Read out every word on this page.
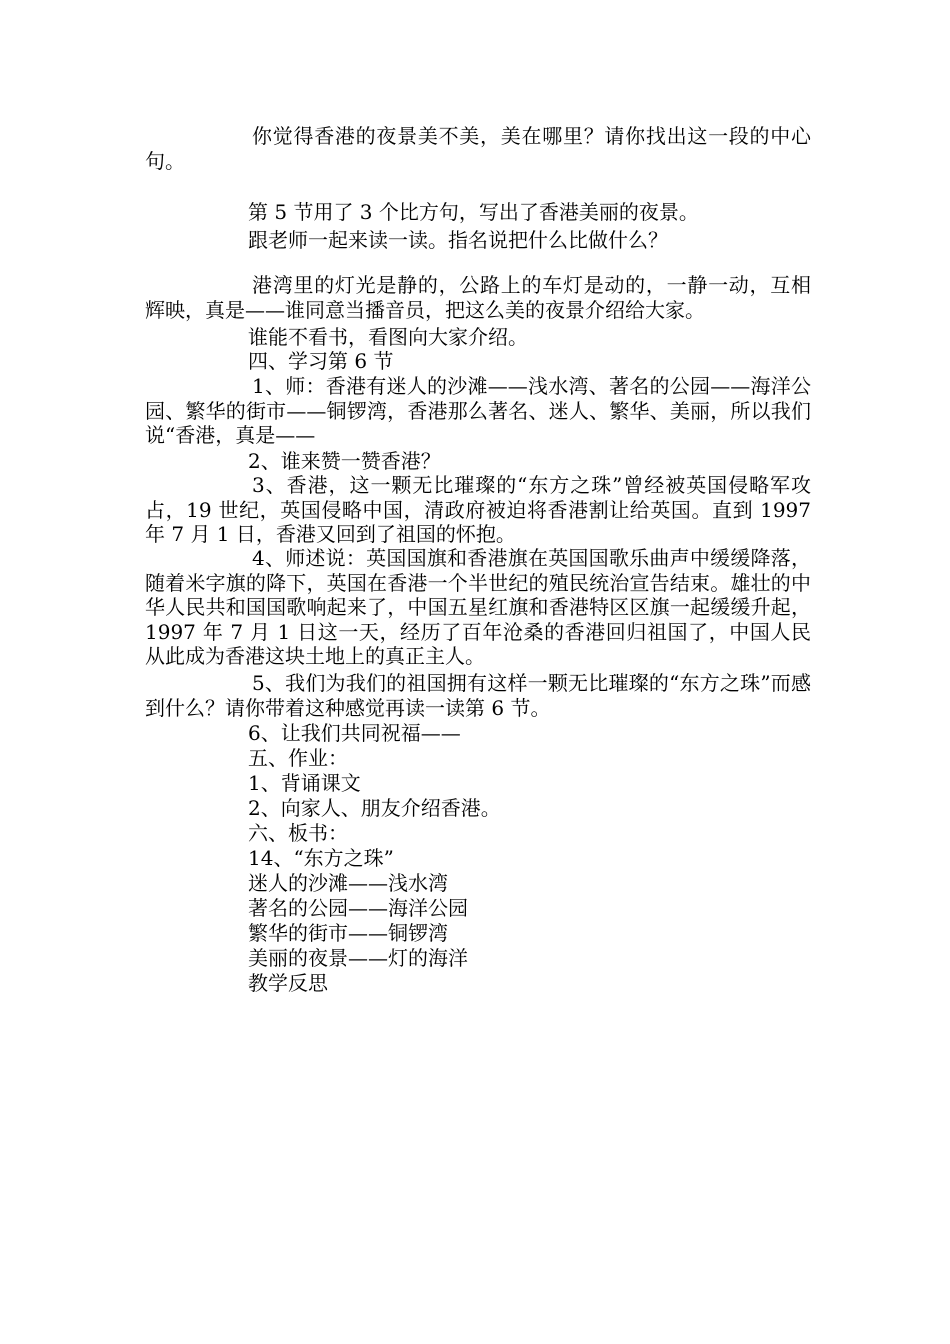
你觉得香港的夜景美不美，美在哪里？请你找出这一段的中心句。

第 5 节用了 3 个比方句，写出了香港美丽的夜景。
跟老师一起来读一读。指名说把什么比做什么？

港湾里的灯光是静的，公路上的车灯是动的，一静一动，互相辉映，真是——谁同意当播音员，把这么美的夜景介绍给大家。

谁能不看书，看图向大家介绍。
四、学习第 6 节

1、师：香港有迷人的沙滩——浅水湾、著名的公园——海洋公园、繁华的街市——铜锣湾，香港那么著名、迷人、繁华、美丽，所以我们说“香港，真是——

2、谁来赞一赞香港？

3、香港，这一颗无比璀璨的“东方之珠”曾经被英国侵略军攻占，19 世纪，英国侵略中国，清政府被迫将香港割让给英国。直到 1997 年 7 月 1 日，香港又回到了祖国的怀抱。

4、师述说：英国国旗和香港旗在英国国歌乐曲声中缓缓降落，随着米字旗的降下，英国在香港一个半世纪的殖民统治宣告结束。雄壮的中华人民共和国国歌响起来了，中国五星红旗和香港特区区旗一起缓缓升起，1997 年 7 月 1 日这一天，经历了百年沧桑的香港回归祖国了，中国人民从此成为香港这块土地上的真正主人。

5、我们为我们的祖国拥有这样一颗无比璀璨的“东方之珠”而感到什么？请你带着这种感觉再读一读第 6 节。

6、让我们共同祝福——
五、作业：
1、背诵课文
2、向家人、朋友介绍香港。
六、板书：
14、“东方之珠”
迷人的沙滩——浅水湾
著名的公园——海洋公园
繁华的街市——铜锣湾
美丽的夜景——灯的海洋
教学反思
